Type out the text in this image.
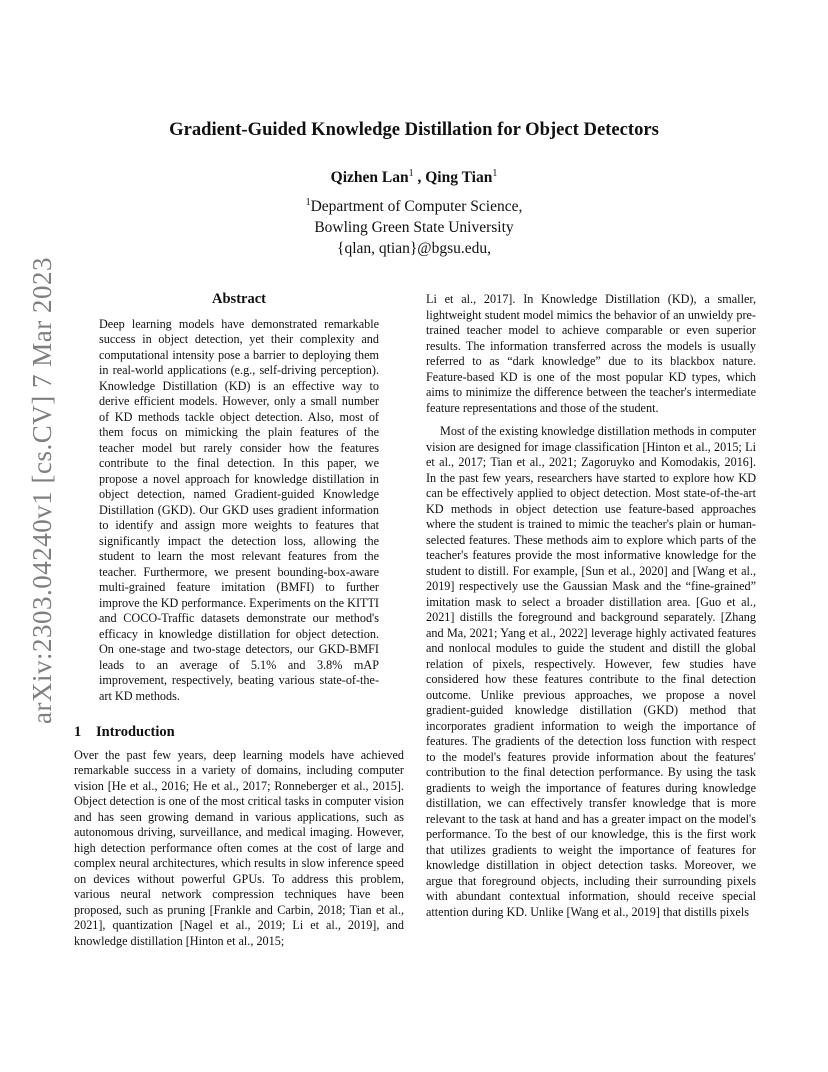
arXiv:2303.04240v1 [cs.CV] 7 Mar 2023
Gradient-Guided Knowledge Distillation for Object Detectors
Qizhen Lan$^1$ , Qing Tian$^1$
$^1$Department of Computer Science,
Bowling Green State University
{qlan, qtian}@bgsu.edu,
Abstract

Deep learning models have demonstrated remarkable success in object detection, yet their complexity and computational intensity pose a barrier to deploying them in real-world applications (e.g., self-driving perception). Knowledge Distillation (KD) is an effective way to derive efficient models. However, only a small number of KD methods tackle object detection. Also, most of them focus on mimicking the plain features of the teacher model but rarely consider how the features contribute to the final detection. In this paper, we propose a novel approach for knowledge distillation in object detection, named Gradient-guided Knowledge Distillation (GKD). Our GKD uses gradient information to identify and assign more weights to features that significantly impact the detection loss, allowing the student to learn the most relevant features from the teacher. Furthermore, we present bounding-box-aware multi-grained feature imitation (BMFI) to further improve the KD performance. Experiments on the KITTI and COCO-Traffic datasets demonstrate our method's efficacy in knowledge distillation for object detection. On one-stage and two-stage detectors, our GKD-BMFI leads to an average of 5.1% and 3.8% mAP improvement, respectively, beating various state-of-the-art KD methods.

1 Introduction

Over the past few years, deep learning models have achieved remarkable success in a variety of domains, including computer vision [He et al., 2016; He et al., 2017; Ronneberger et al., 2015]. Object detection is one of the most critical tasks in computer vision and has seen growing demand in various applications, such as autonomous driving, surveillance, and medical imaging. However, high detection performance often comes at the cost of large and complex neural architectures, which results in slow inference speed on devices without powerful GPUs. To address this problem, various neural network compression techniques have been proposed, such as pruning [Frankle and Carbin, 2018; Tian et al., 2021], quantization [Nagel et al., 2019; Li et al., 2019], and knowledge distillation [Hinton et al., 2015;

Li et al., 2017]. In Knowledge Distillation (KD), a smaller, lightweight student model mimics the behavior of an unwieldy pre-trained teacher model to achieve comparable or even superior results. The information transferred across the models is usually referred to as “dark knowledge” due to its blackbox nature. Feature-based KD is one of the most popular KD types, which aims to minimize the difference between the teacher's intermediate feature representations and those of the student.

Most of the existing knowledge distillation methods in computer vision are designed for image classification [Hinton et al., 2015; Li et al., 2017; Tian et al., 2021; Zagoruyko and Komodakis, 2016]. In the past few years, researchers have started to explore how KD can be effectively applied to object detection. Most state-of-the-art KD methods in object detection use feature-based approaches where the student is trained to mimic the teacher's plain or human-selected features. These methods aim to explore which parts of the teacher's features provide the most informative knowledge for the student to distill. For example, [Sun et al., 2020] and [Wang et al., 2019] respectively use the Gaussian Mask and the “fine-grained” imitation mask to select a broader distillation area. [Guo et al., 2021] distills the foreground and background separately. [Zhang and Ma, 2021; Yang et al., 2022] leverage highly activated features and nonlocal modules to guide the student and distill the global relation of pixels, respectively. However, few studies have considered how these features contribute to the final detection outcome. Unlike previous approaches, we propose a novel gradient-guided knowledge distillation (GKD) method that incorporates gradient information to weigh the importance of features. The gradients of the detection loss function with respect to the model's features provide information about the features' contribution to the final detection performance. By using the task gradients to weigh the importance of features during knowledge distillation, we can effectively transfer knowledge that is more relevant to the task at hand and has a greater impact on the model's performance. To the best of our knowledge, this is the first work that utilizes gradients to weight the importance of features for knowledge distillation in object detection tasks. Moreover, we argue that foreground objects, including their surrounding pixels with abundant contextual information, should receive special attention during KD. Unlike [Wang et al., 2019] that distills pixels
